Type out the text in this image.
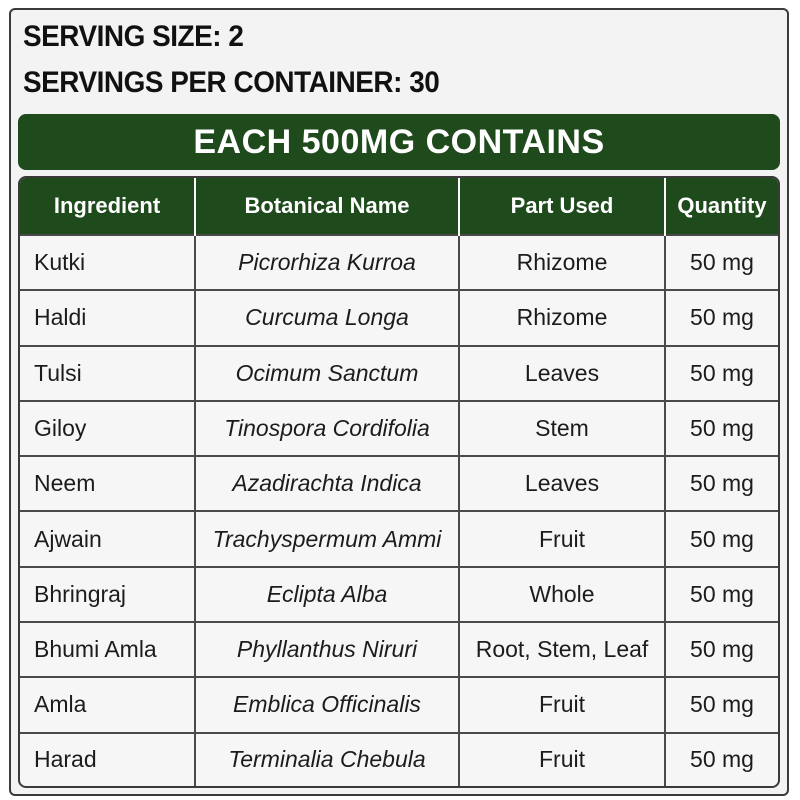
SERVING SIZE: 2
SERVINGS PER CONTAINER: 30
EACH 500MG CONTAINS
Ingredient	Botanical Name	Part Used	Quantity
Kutki	Picrorhiza Kurroa	Rhizome	50 mg
Haldi	Curcuma Longa	Rhizome	50 mg
Tulsi	Ocimum Sanctum	Leaves	50 mg
Giloy	Tinospora Cordifolia	Stem	50 mg
Neem	Azadirachta Indica	Leaves	50 mg
Ajwain	Trachyspermum Ammi	Fruit	50 mg
Bhringraj	Eclipta Alba	Whole	50 mg
Bhumi Amla	Phyllanthus Niruri	Root, Stem, Leaf	50 mg
Amla	Emblica Officinalis	Fruit	50 mg
Harad	Terminalia Chebula	Fruit	50 mg
